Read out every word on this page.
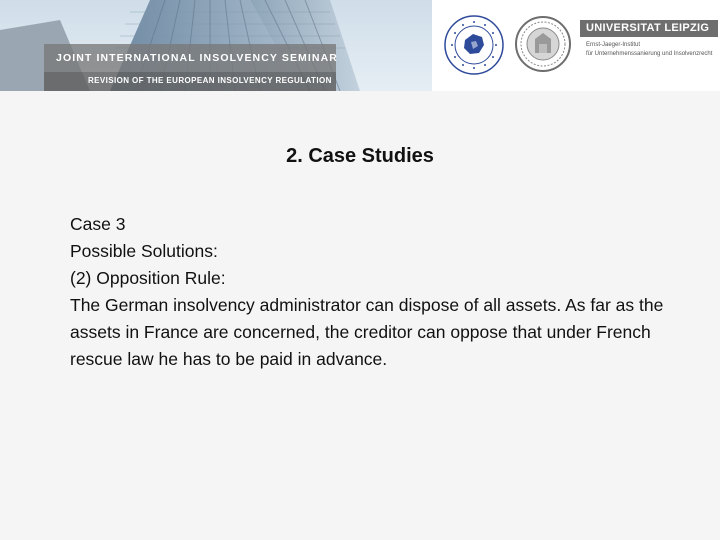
JOINT INTERNATIONAL INSOLVENCY SEMINAR
REVISION OF THE EUROPEAN INSOLVENCY REGULATION
UNIVERSITAT LEIPZIG
Ernst-Jaeger-Institut
für Unternehmenssanierung und Insolvenzrecht
2. Case Studies
Case 3
Possible Solutions:
(2) Opposition Rule:
The German insolvency administrator can dispose of all assets. As far as the assets in France are concerned, the creditor can oppose that under French rescue law he has to be paid in advance.
